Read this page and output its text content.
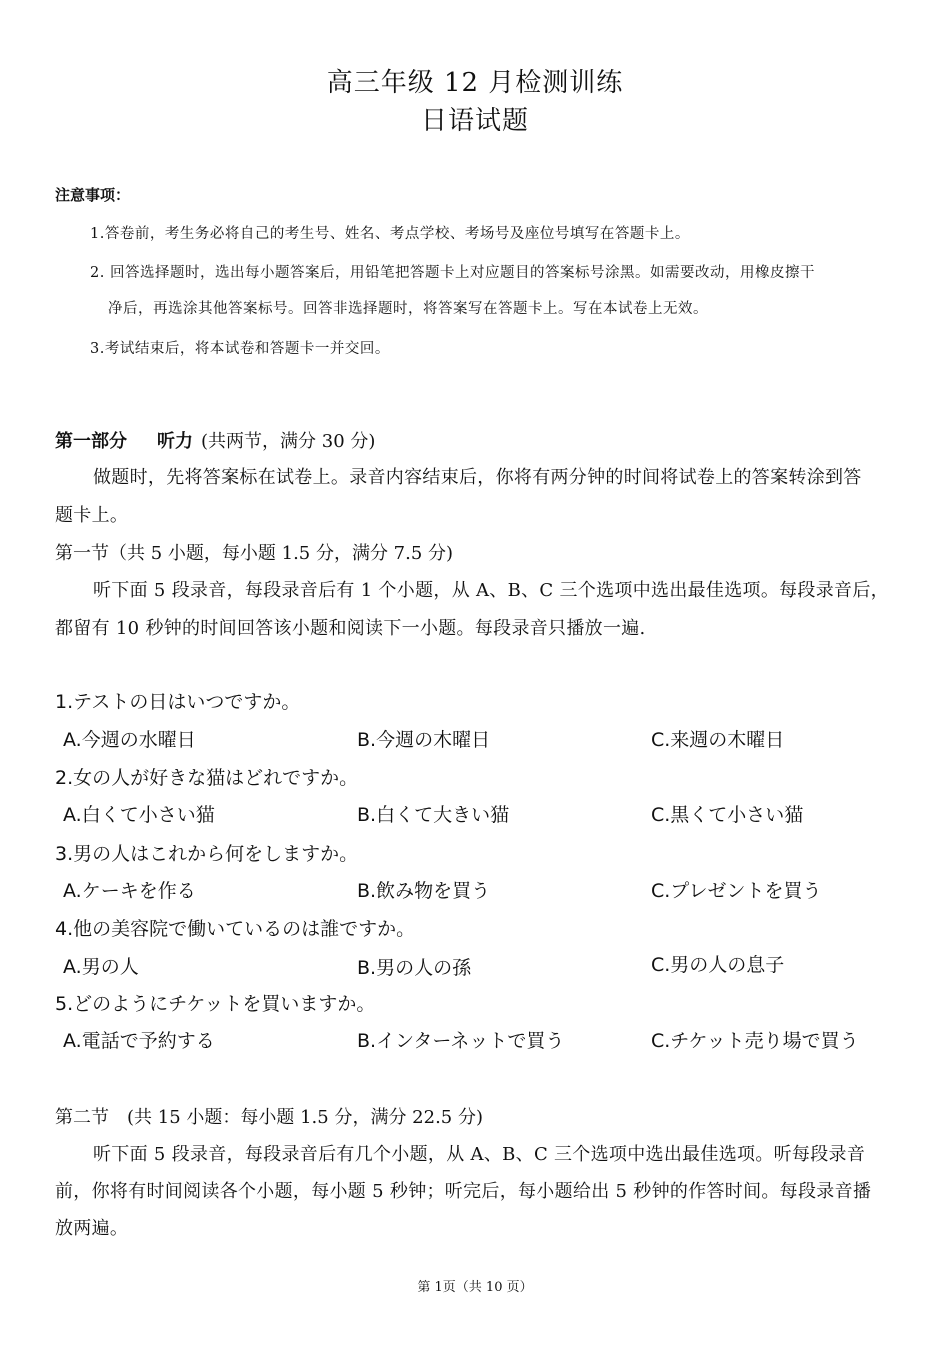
高三年级 12 月检测训练
日语试题
注意事项：
1.答卷前，考生务必将自己的考生号、姓名、考点学校、考场号及座位号填写在答题卡上。
2. 回答选择题时，选出每小题答案后，用铅笔把答题卡上对应题目的答案标号涂黑。如需要改动，用橡皮擦干
净后，再选涂其他答案标号。回答非选择题时，将答案写在答题卡上。写在本试卷上无效。
3.考试结束后，将本试卷和答题卡一并交回。
第一部分 听力 (共两节，满分 30 分)
做题时，先将答案标在试卷上。录音内容结束后，你将有两分钟的时间将试卷上的答案转涂到答
题卡上。
第一节（共 5 小题，每小题 1.5 分，满分 7.5 分)
听下面 5 段录音，每段录音后有 1 个小题，从 A、B、C 三个选项中选出最佳选项。每段录音后，
都留有 10 秒钟的时间回答该小题和阅读下一小题。每段录音只播放一遍.
1.テストの日はいつですか。
A.今週の水曜日	B.今週の木曜日	C.来週の木曜日
2.女の人が好きな猫はどれですか。
A.白くて小さい猫	B.白くて大きい猫	C.黒くて小さい猫
3.男の人はこれから何をしますか。
A.ケーキを作る	B.飲み物を買う	C.プレゼントを買う
4.他の美容院で働いているのは誰ですか。
A.男の人	B.男の人の孫	C.男の人の息子
5.どのようにチケットを買いますか。
A.電話で予約する	B.インターネットで買う	C.チケット売り場で買う
第二节　(共 15 小题：每小题 1.5 分，满分 22.5 分)
听下面 5 段录音，每段录音后有几个小题，从 A、B、C 三个选项中选出最佳选项。听每段录音
前，你将有时间阅读各个小题，每小题 5 秒钟；听完后，每小题给出 5 秒钟的作答时间。每段录音播
放两遍。
第 1页（共 10 页）
